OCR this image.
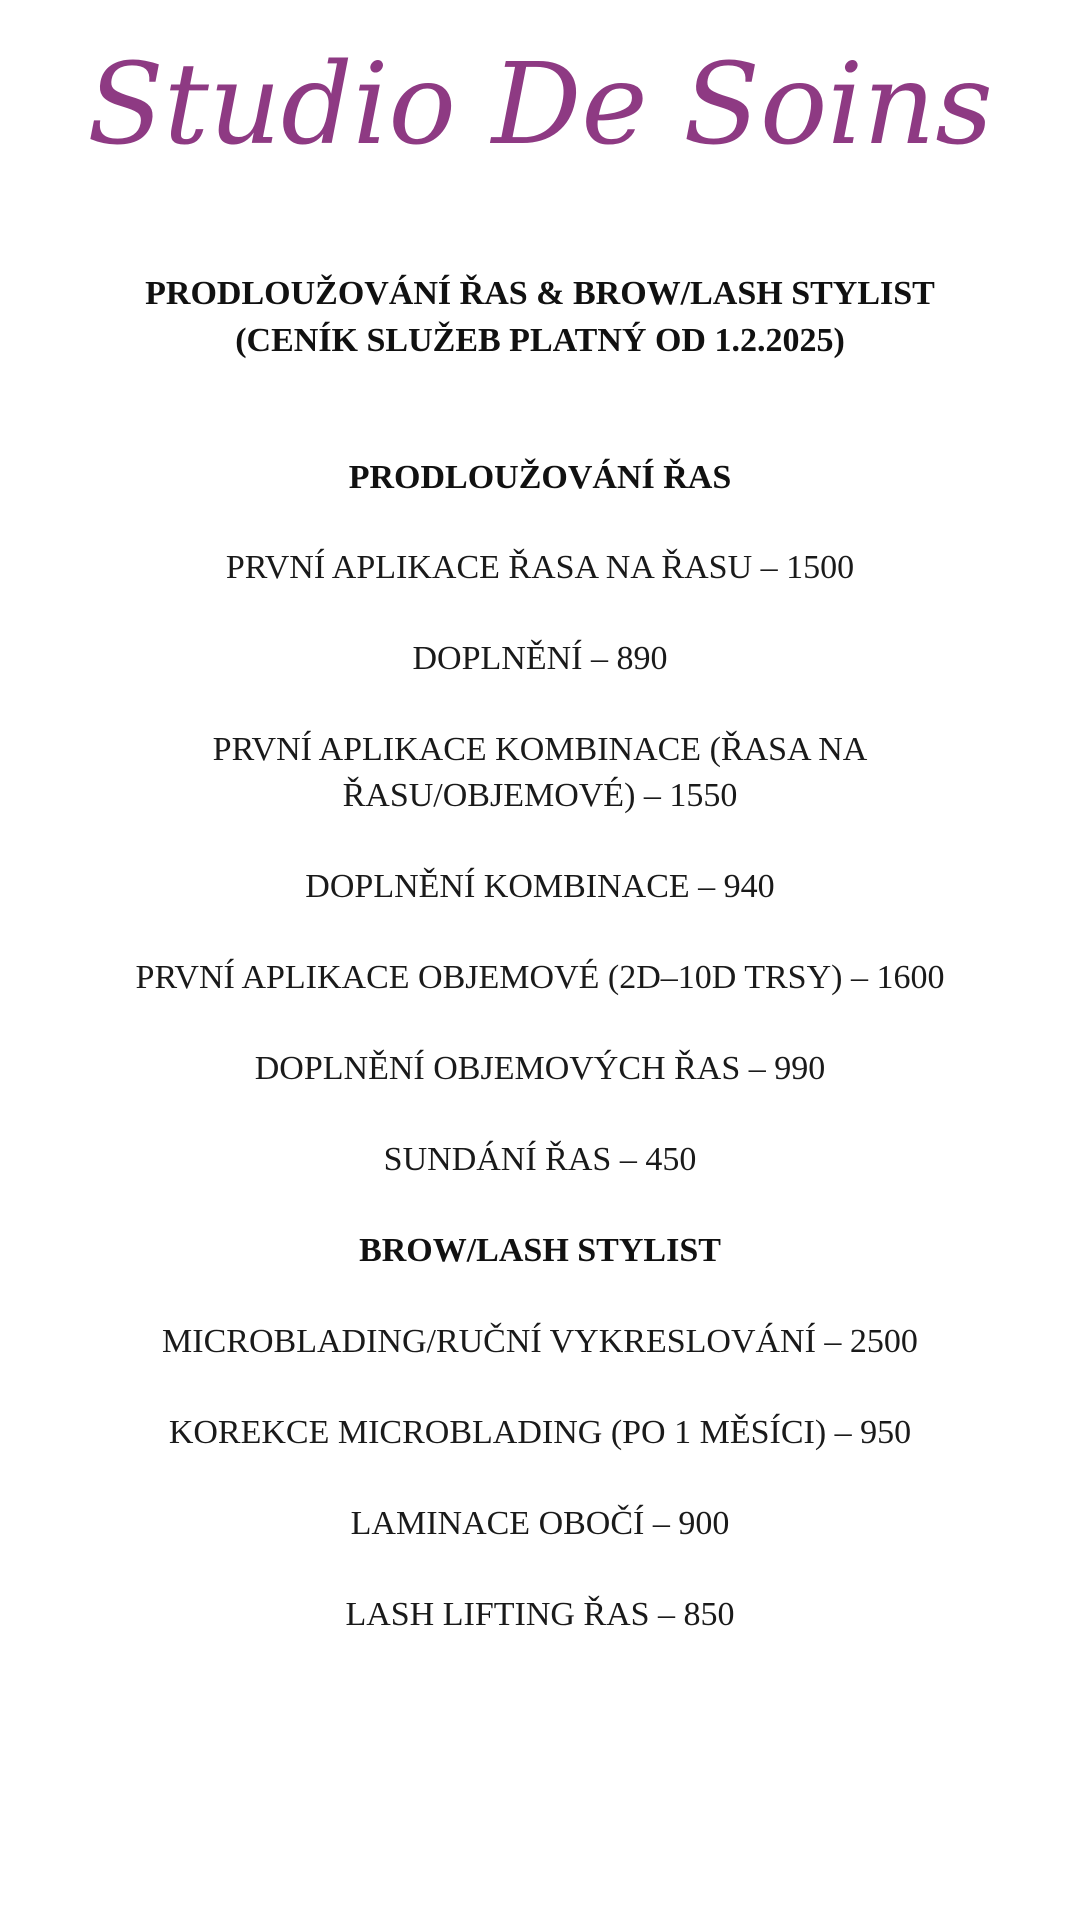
Studio De Soins
PRODLOUŽOVÁNÍ ŘAS & BROW/LASH STYLIST (CENÍK SLUŽEB PLATNÝ OD 1.2.2025)
PRODLOUŽOVÁNÍ ŘAS
PRVNÍ APLIKACE ŘASA NA ŘASU – 1500
DOPLNĚNÍ – 890
PRVNÍ APLIKACE KOMBINACE (ŘASA NA ŘASU/OBJEMOVÉ) – 1550
DOPLNĚNÍ KOMBINACE – 940
PRVNÍ APLIKACE OBJEMOVÉ (2D–10D TRSY) – 1600
DOPLNĚNÍ OBJEMOVÝCH ŘAS – 990
SUNDÁNÍ ŘAS – 450
BROW/LASH STYLIST
MICROBLADING/RUČNÍ VYKRESLOVÁNÍ – 2500
KOREKCE MICROBLADING (PO 1 MĚSÍCI) – 950
LAMINACE OBOČÍ – 900
LASH LIFTING ŘAS – 850
